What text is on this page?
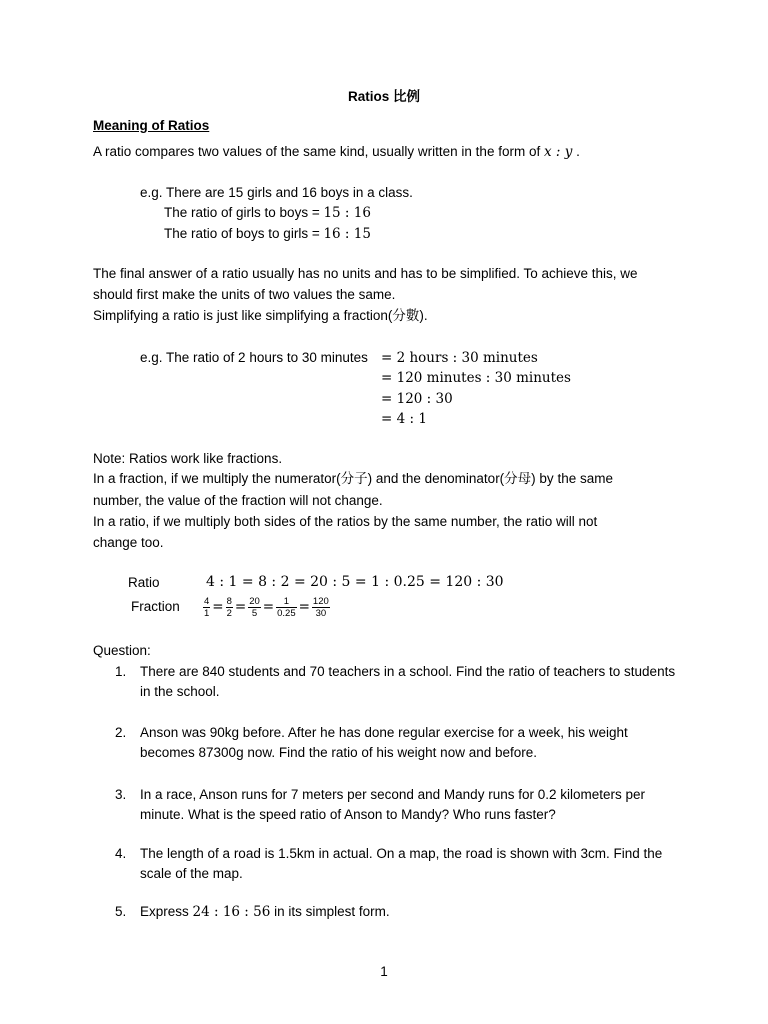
Ratios 比例
Meaning of Ratios
A ratio compares two values of the same kind, usually written in the form of x : y .
e.g. There are 15 girls and 16 boys in a class.
The ratio of girls to boys = 15 : 16
The ratio of boys to girls = 16 : 15
The final answer of a ratio usually has no units and has to be simplified. To achieve this, we
should first make the units of two values the same.
Simplifying a ratio is just like simplifying a fraction(分數).
e.g. The ratio of 2 hours to 30 minutes = 2 hours : 30 minutes
= 120 minutes : 30 minutes
= 120 : 30
= 4 : 1
Note: Ratios work like fractions.
In a fraction, if we multiply the numerator(分子) and the denominator(分母) by the same
number, the value of the fraction will not change.
In a ratio, if we multiply both sides of the ratios by the same number, the ratio will not
change too.
Ratio	4 : 1 = 8 : 2 = 20 : 5 = 1 : 0.25 = 120 : 30
Fraction $\frac{4}{1} = \frac{8}{2} = \frac{20}{5} = \frac{1}{0.25} = \frac{120}{30}$
Question:
1. There are 840 students and 70 teachers in a school. Find the ratio of teachers to students in the school.
2. Anson was 90kg before. After he has done regular exercise for a week, his weight becomes 87300g now. Find the ratio of his weight now and before.
3. In a race, Anson runs for 7 meters per second and Mandy runs for 0.2 kilometers per minute. What is the speed ratio of Anson to Mandy? Who runs faster?
4. The length of a road is 1.5km in actual. On a map, the road is shown with 3cm. Find the scale of the map.
5. Express 24 : 16 : 56 in its simplest form.
1
